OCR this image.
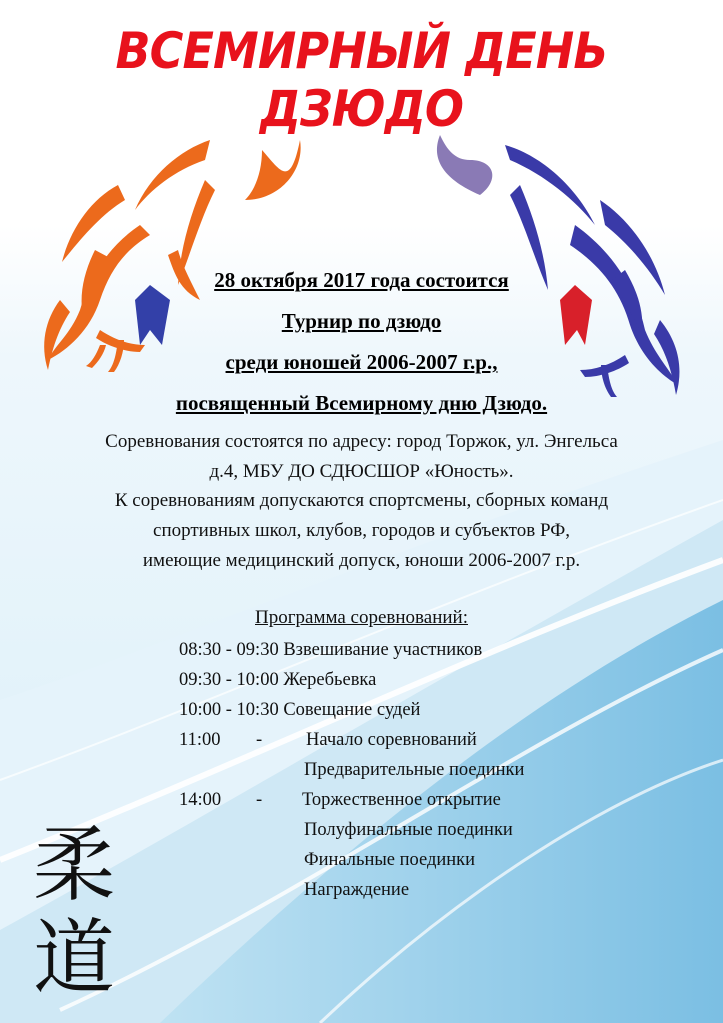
ВСЕМИРНЫЙ ДЕНЬ ДЗЮДО
28 октября 2017 года состоится
Турнир по дзюдо
среди юношей 2006-2007 г.р.,
посвященный Всемирному дню Дзюдо.
Соревнования состоятся по адресу: город Торжок, ул. Энгельса
д.4, МБУ ДО СДЮСШОР «Юность».
К соревнованиям допускаются спортсмены, сборных команд
спортивных школ, клубов, городов и субъектов РФ,
имеющие медицинский допуск, юноши 2006-2007 г.р.
Программа соревнований:
08:30 - 09:30 Взвешивание участников
09:30 - 10:00 Жеребьевка
10:00 - 10:30 Совещание судей
11:00 - Начало соревнований
Предварительные поединки
14:00 - Торжественное открытие
Полуфинальные поединки
Финальные поединки
Награждение
柔
道
